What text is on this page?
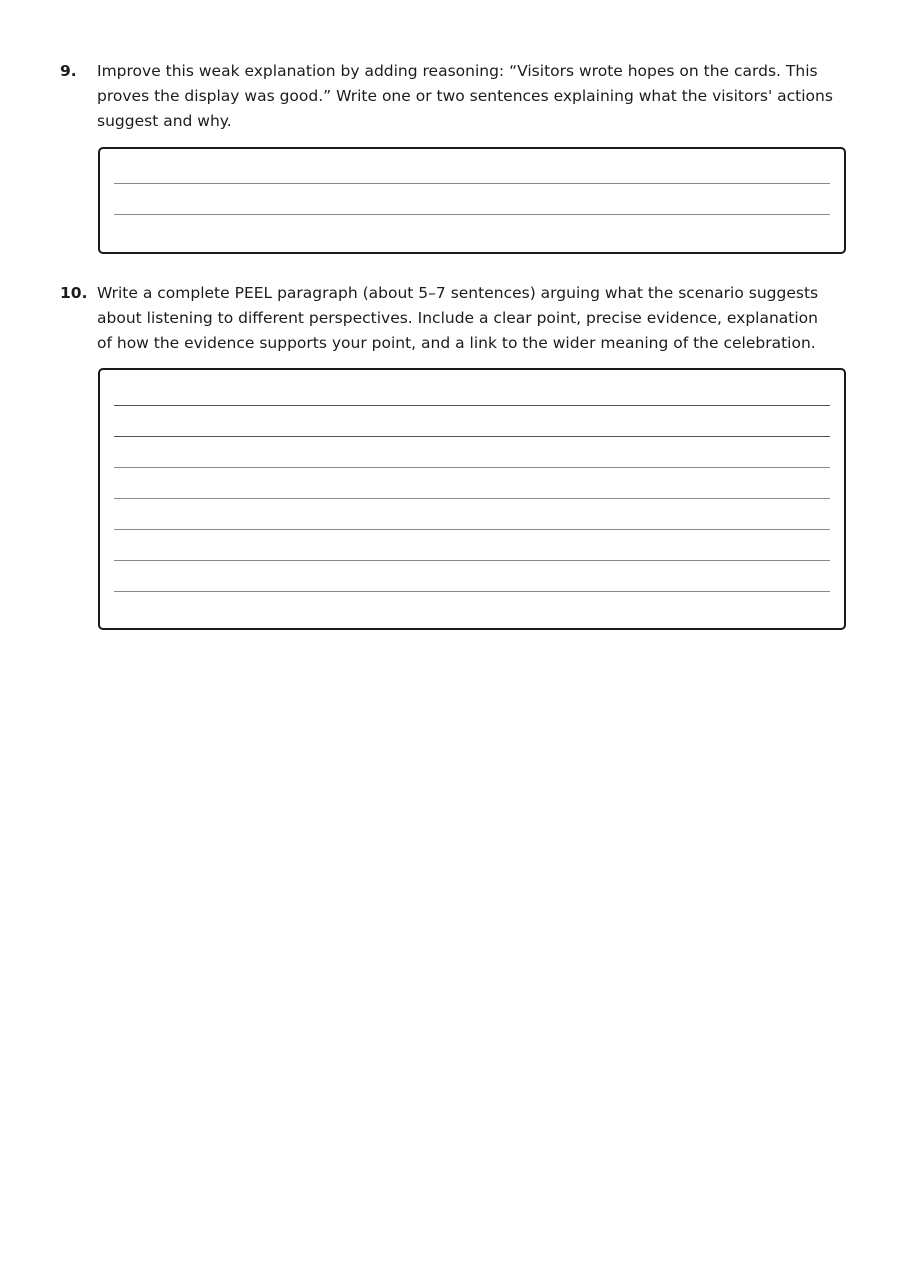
9. Improve this weak explanation by adding reasoning: “Visitors wrote hopes on the cards. This proves the display was good.” Write one or two sentences explaining what the visitors' actions suggest and why.

10. Write a complete PEEL paragraph (about 5–7 sentences) arguing what the scenario suggests about listening to different perspectives. Include a clear point, precise evidence, explanation of how the evidence supports your point, and a link to the wider meaning of the celebration.
